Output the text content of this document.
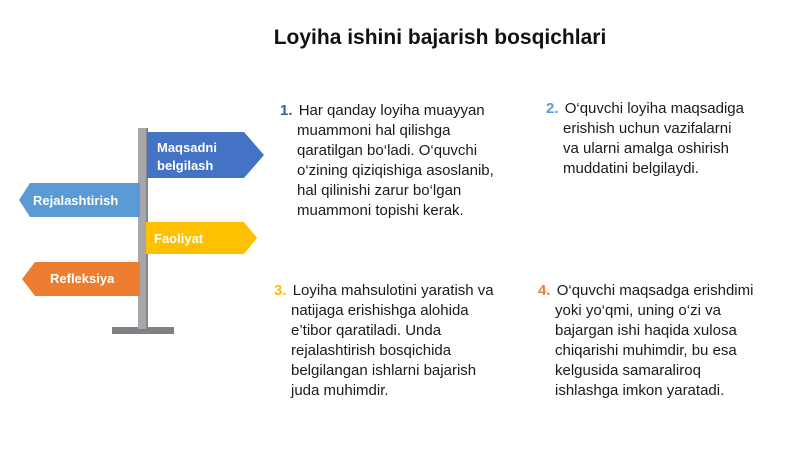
Loyiha ishini bajarish bosqichlari
Maqsadni
belgilash
Rejalashtirish
Faoliyat
Refleksiya
1. Har qanday loyiha muayyan
muammoni hal qilishga
qaratilgan bo‘ladi. O‘quvchi
o‘zining qiziqishiga asoslanib,
hal qilinishi zarur bo‘lgan
muammoni topishi kerak.
2. O‘quvchi loyiha maqsadiga
erishish uchun vazifalarni
va ularni amalga oshirish
muddatini belgilaydi.
3. Loyiha mahsulotini yaratish va
natijaga erishishga alohida
e’tibor qaratiladi. Unda
rejalashtirish bosqichida
belgilangan ishlarni bajarish
juda muhimdir.
4. O‘quvchi maqsadga erishdimi
yoki yo‘qmi, uning o‘zi va
bajargan ishi haqida xulosa
chiqarishi muhimdir, bu esa
kelgusida samaraliroq
ishlashga imkon yaratadi.
